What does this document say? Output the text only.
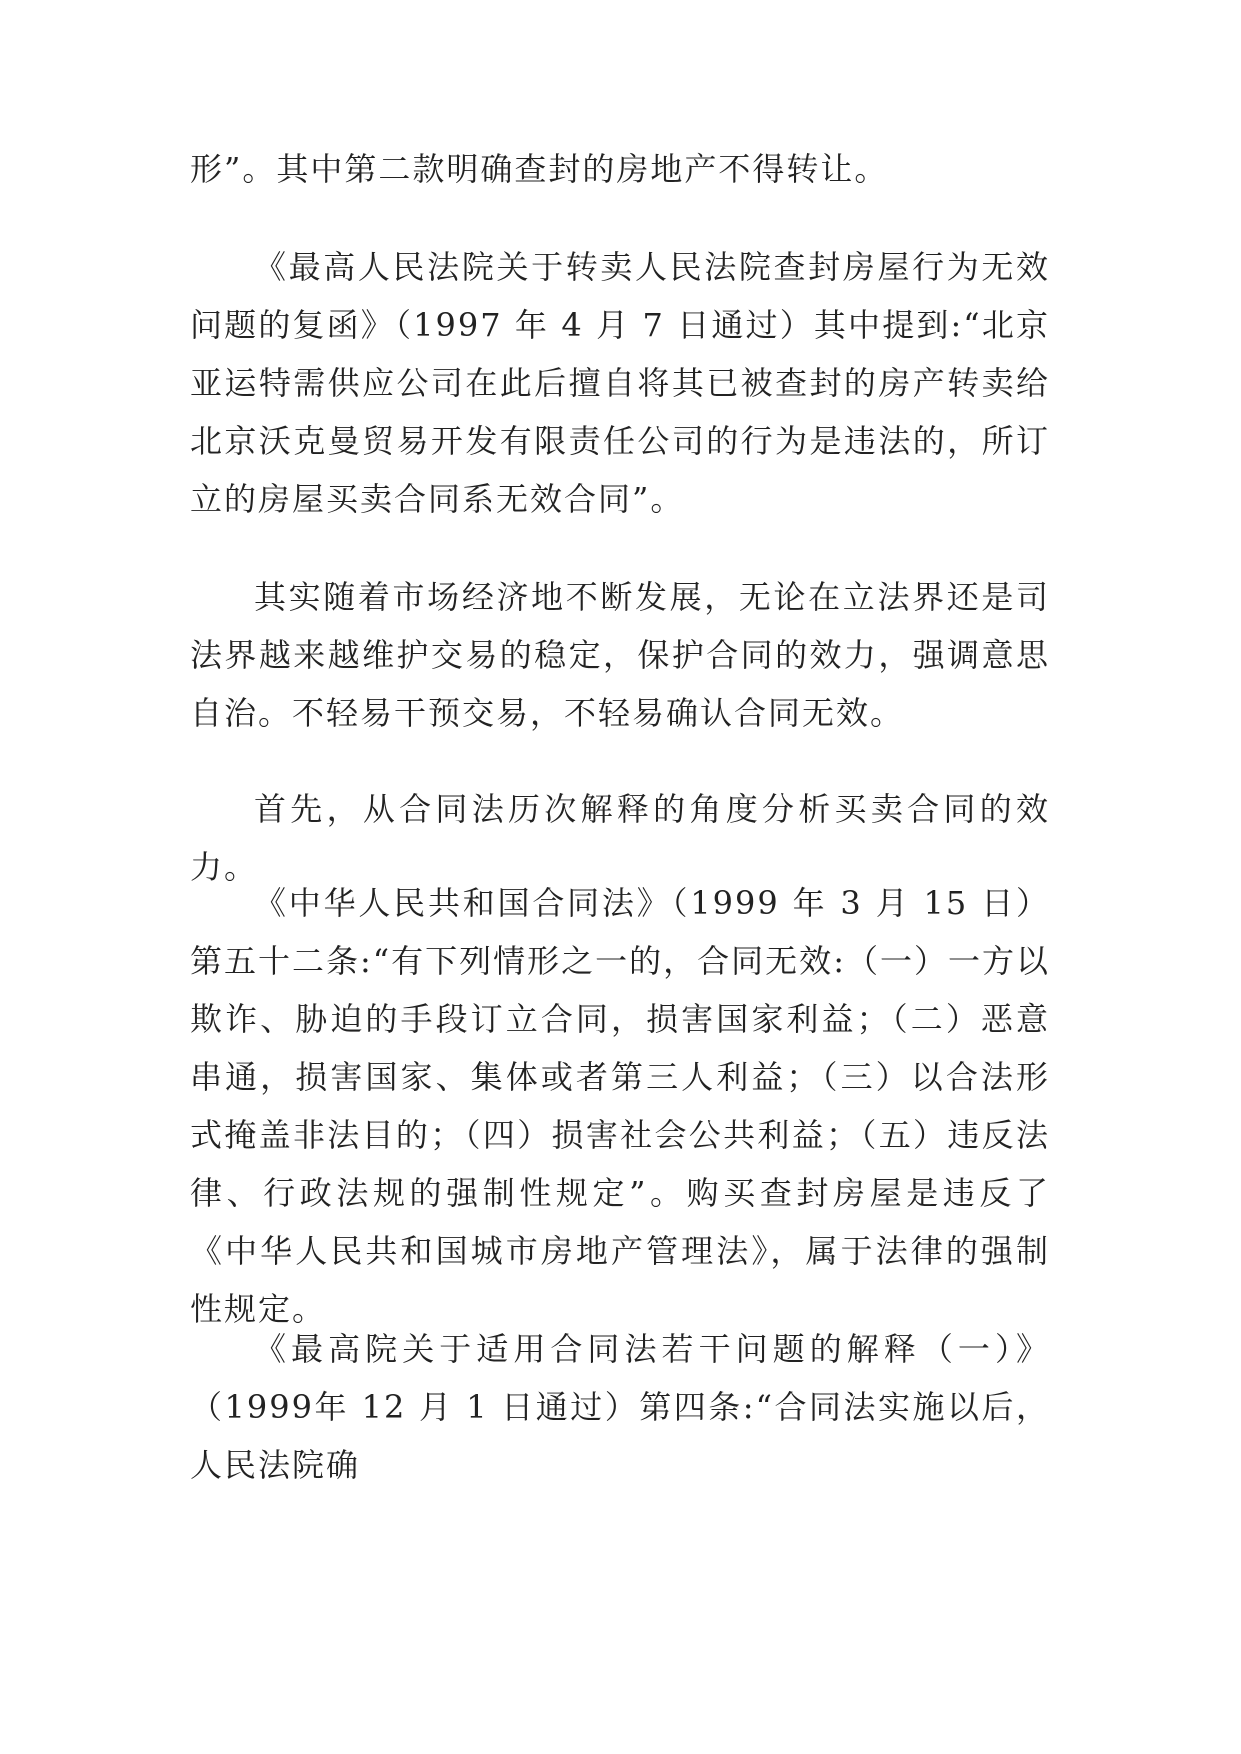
形”。其中第二款明确查封的房地产不得转让。

《最高人民法院关于转卖人民法院查封房屋行为无效问题的复函》（1997 年 4 月 7 日通过）其中提到:“北京亚运特需供应公司在此后擅自将其已被查封的房产转卖给北京沃克曼贸易开发有限责任公司的行为是违法的，所订立的房屋买卖合同系无效合同”。

其实随着市场经济地不断发展，无论在立法界还是司法界越来越维护交易的稳定，保护合同的效力，强调意思自治。不轻易干预交易，不轻易确认合同无效。

首先，从合同法历次解释的角度分析买卖合同的效力。

《中华人民共和国合同法》（1999 年 3 月 15 日）第五十二条:“有下列情形之一的，合同无效:（一）一方以欺诈、胁迫的手段订立合同，损害国家利益；（二）恶意串通，损害国家、集体或者第三人利益；（三）以合法形式掩盖非法目的；（四）损害社会公共利益；（五）违反法律、行政法规的强制性规定”。购买查封房屋是违反了《中华人民共和国城市房地产管理法》，属于法律的强制性规定。

《最高院关于适用合同法若干问题的解释（一）》（1999年 12 月 1 日通过）第四条:“合同法实施以后，人民法院确
